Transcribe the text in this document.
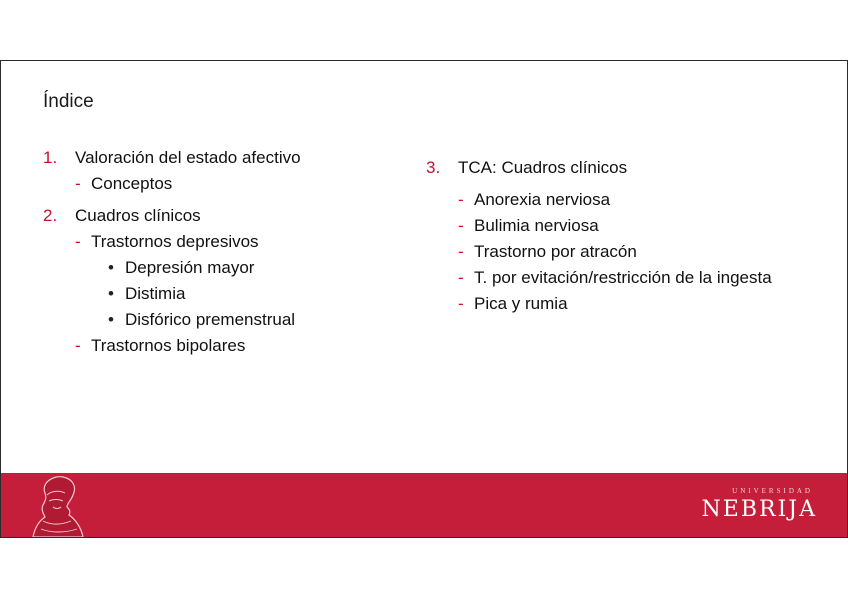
Índice
1. Valoración del estado afectivo
- Conceptos
2. Cuadros clínicos
- Trastornos depresivos
• Depresión mayor
• Distimia
• Disfórico premenstrual
- Trastornos bipolares
3. TCA: Cuadros clínicos
- Anorexia nerviosa
- Bulimia nerviosa
- Trastorno por atracón
- T. por evitación/restricción de la ingesta
- Pica y rumia
UNIVERSIDAD
NEBRIJA
